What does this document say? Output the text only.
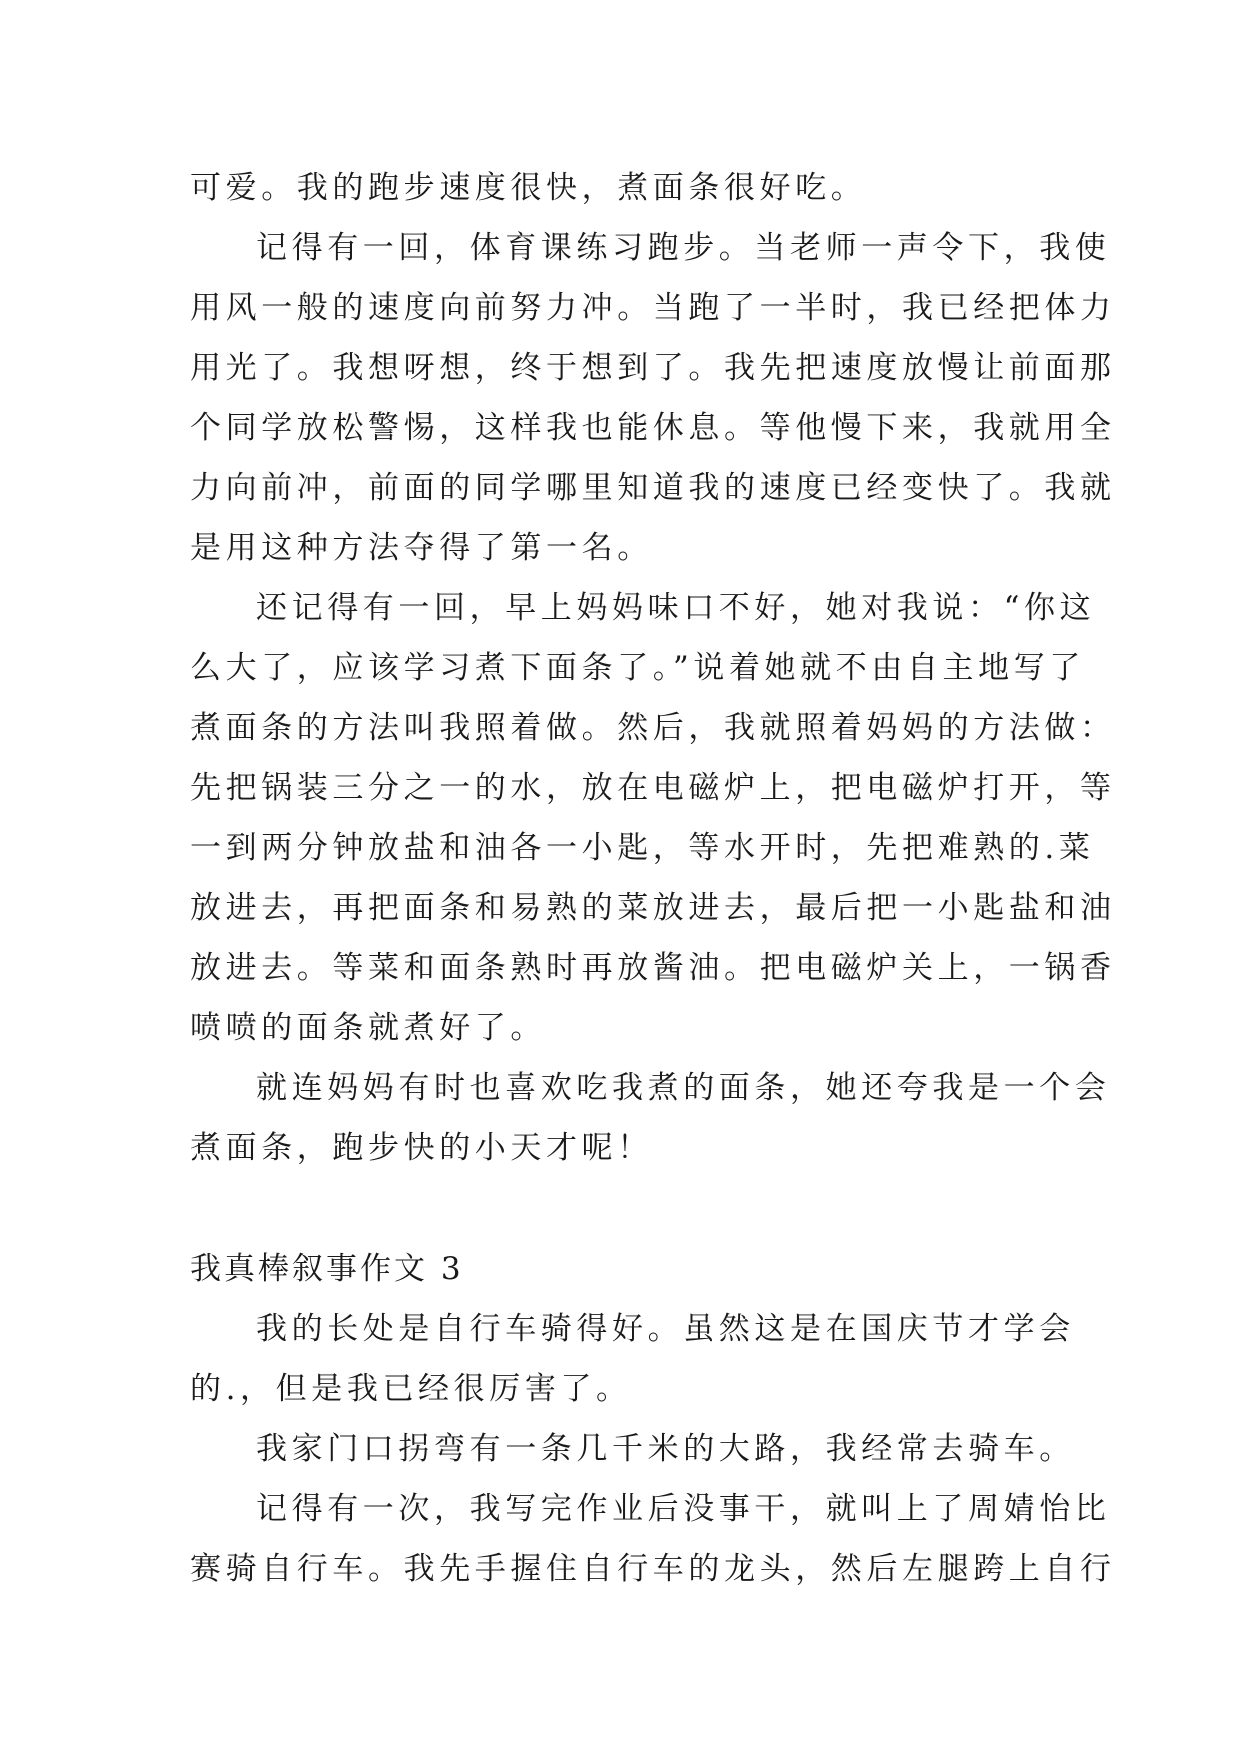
可爱。我的跑步速度很快，煮面条很好吃。
记得有一回，体育课练习跑步。当老师一声令下，我使
用风一般的速度向前努力冲。当跑了一半时，我已经把体力
用光了。我想呀想，终于想到了。我先把速度放慢让前面那
个同学放松警惕，这样我也能休息。等他慢下来，我就用全
力向前冲，前面的同学哪里知道我的速度已经变快了。我就
是用这种方法夺得了第一名。
还记得有一回，早上妈妈味口不好，她对我说：“你这
么大了，应该学习煮下面条了。”说着她就不由自主地写了
煮面条的方法叫我照着做。然后，我就照着妈妈的方法做：
先把锅装三分之一的水，放在电磁炉上，把电磁炉打开，等
一到两分钟放盐和油各一小匙，等水开时，先把难熟的.菜
放进去，再把面条和易熟的菜放进去，最后把一小匙盐和油
放进去。等菜和面条熟时再放酱油。把电磁炉关上，一锅香
喷喷的面条就煮好了。
就连妈妈有时也喜欢吃我煮的面条，她还夸我是一个会
煮面条，跑步快的小天才呢！
我真棒叙事作文 3
我的长处是自行车骑得好。虽然这是在国庆节才学会
的.，但是我已经很厉害了。
我家门口拐弯有一条几千米的大路，我经常去骑车。
记得有一次，我写完作业后没事干，就叫上了周婧怡比
赛骑自行车。我先手握住自行车的龙头，然后左腿跨上自行
